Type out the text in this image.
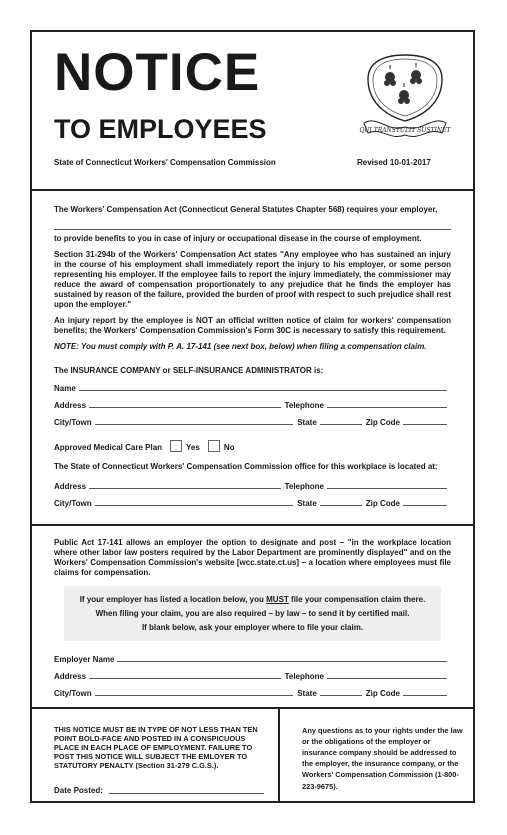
NOTICE
TO EMPLOYEES
State of Connecticut Workers' Compensation Commission	Revised 10-01-2017
QUI TRANSTULIT SUSTINET
The Workers' Compensation Act (Connecticut General Statutes Chapter 568) requires your employer,
to provide benefits to you in case of injury or occupational disease in the course of employment.
Section 31-294b of the Workers' Compensation Act states "Any employee who has sustained an injury in the course of his employment shall immediately report the injury to his employer, or some person representing his employer. If the employee fails to report the injury immediately, the commissioner may reduce the award of compensation proportionately to any prejudice that he finds the employer has sustained by reason of the failure, provided the burden of proof with respect to such prejudice shall rest upon the employer."
An injury report by the employee is NOT an official written notice of claim for workers' compensation benefits; the Workers' Compensation Commission's Form 30C is necessary to satisfy this requirement.
NOTE: You must comply with P. A. 17-141 (see next box, below) when filing a compensation claim.
The INSURANCE COMPANY or SELF-INSURANCE ADMINISTRATOR is:
Name
Address	Telephone
City/Town	State	Zip Code
Approved Medical Care Plan	Yes	No
The State of Connecticut Workers' Compensation Commission office for this workplace is located at:
Address	Telephone
City/Town	State	Zip Code
Public Act 17-141 allows an employer the option to designate and post – "in the workplace location where other labor law posters required by the Labor Department are prominently displayed" and on the Workers' Compensation Commission's website [wcc.state.ct.us] – a location where employees must file claims for compensation.
If your employer has listed a location below, you MUST file your compensation claim there.
When filing your claim, you are also required – by law – to send it by certified mail.
If blank below, ask your employer where to file your claim.
Employer Name
Address	Telephone
City/Town	State	Zip Code
THIS NOTICE MUST BE IN TYPE OF NOT LESS THAN TEN POINT BOLD-FACE AND POSTED IN A CONSPICUOUS PLACE IN EACH PLACE OF EMPLOYMENT. FAILURE TO POST THIS NOTICE WILL SUBJECT THE EMLOYER TO STATUTORY PENALTY (Section 31-279 C.G.S.).
Date Posted:
Any questions as to your rights under the law or the obligations of the employer or insurance company should be addressed to the employer, the insurance company, or the Workers' Compensation Commission (1-800-223-9675).
